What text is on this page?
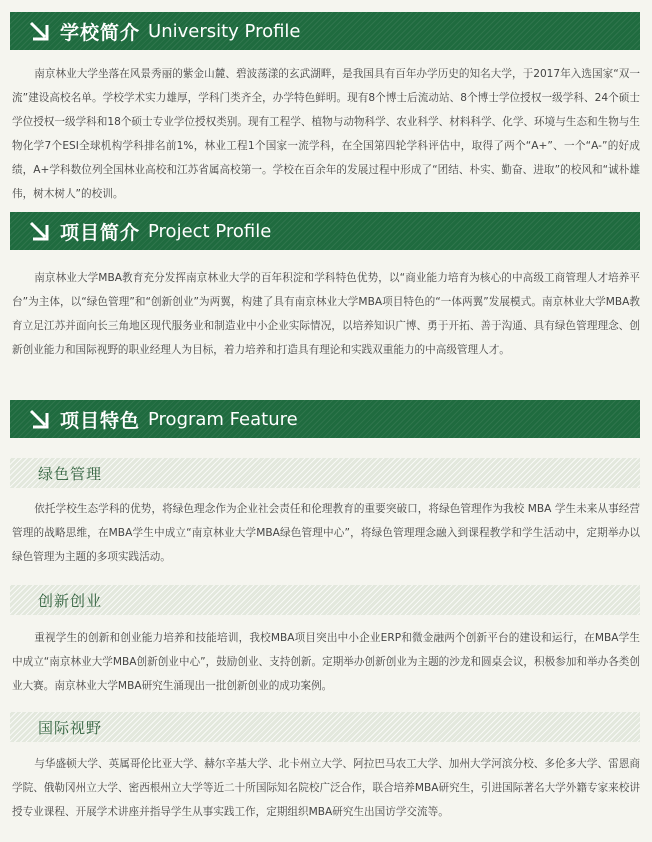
学校简介 University Profile

南京林业大学坐落在风景秀丽的紫金山麓、碧波荡漾的玄武湖畔，是我国具有百年办学历史的知名大学，于2017年入选国家“双一流”建设高校名单。学校学术实力雄厚，学科门类齐全，办学特色鲜明。现有8个博士后流动站、8个博士学位授权一级学科、24个硕士学位授权一级学科和18个硕士专业学位授权类别。现有工程学、植物与动物科学、农业科学、材料科学、化学、环境与生态和生物与生物化学7个ESI全球机构学科排名前1%，林业工程1个国家一流学科，在全国第四轮学科评估中，取得了两个“A+”、一个“A-”的好成绩，A+学科数位列全国林业高校和江苏省属高校第一。学校在百余年的发展过程中形成了“团结、朴实、勤奋、进取”的校风和“诚朴雄伟，树木树人”的校训。

项目简介 Project Profile

南京林业大学MBA教育充分发挥南京林业大学的百年积淀和学科特色优势，以“商业能力培育为核心的中高级工商管理人才培养平台”为主体，以“绿色管理”和“创新创业”为两翼，构建了具有南京林业大学MBA项目特色的“一体两翼”发展模式。南京林业大学MBA教育立足江苏并面向长三角地区现代服务业和制造业中小企业实际情况，以培养知识广博、勇于开拓、善于沟通、具有绿色管理理念、创新创业能力和国际视野的职业经理人为目标，着力培养和打造具有理论和实践双重能力的中高级管理人才。

项目特色 Program Feature
绿色管理

依托学校生态学科的优势，将绿色理念作为企业社会责任和伦理教育的重要突破口，将绿色管理作为我校 MBA 学生未来从事经营管理的战略思维，在MBA学生中成立“南京林业大学MBA绿色管理中心”，将绿色管理理念融入到课程教学和学生活动中，定期举办以绿色管理为主题的多项实践活动。

创新创业

重视学生的创新和创业能力培养和技能培训，我校MBA项目突出中小企业ERP和微金融两个创新平台的建设和运行，在MBA学生中成立“南京林业大学MBA创新创业中心”，鼓励创业、支持创新。定期举办创新创业为主题的沙龙和圆桌会议，积极参加和举办各类创业大赛。南京林业大学MBA研究生涌现出一批创新创业的成功案例。

国际视野

与华盛顿大学、英属哥伦比亚大学、赫尔辛基大学、北卡州立大学、阿拉巴马农工大学、加州大学河滨分校、多伦多大学、雷恩商学院、俄勒冈州立大学、密西根州立大学等近二十所国际知名院校广泛合作，联合培养MBA研究生，引进国际著名大学外籍专家来校讲授专业课程、开展学术讲座并指导学生从事实践工作，定期组织MBA研究生出国访学交流等。
